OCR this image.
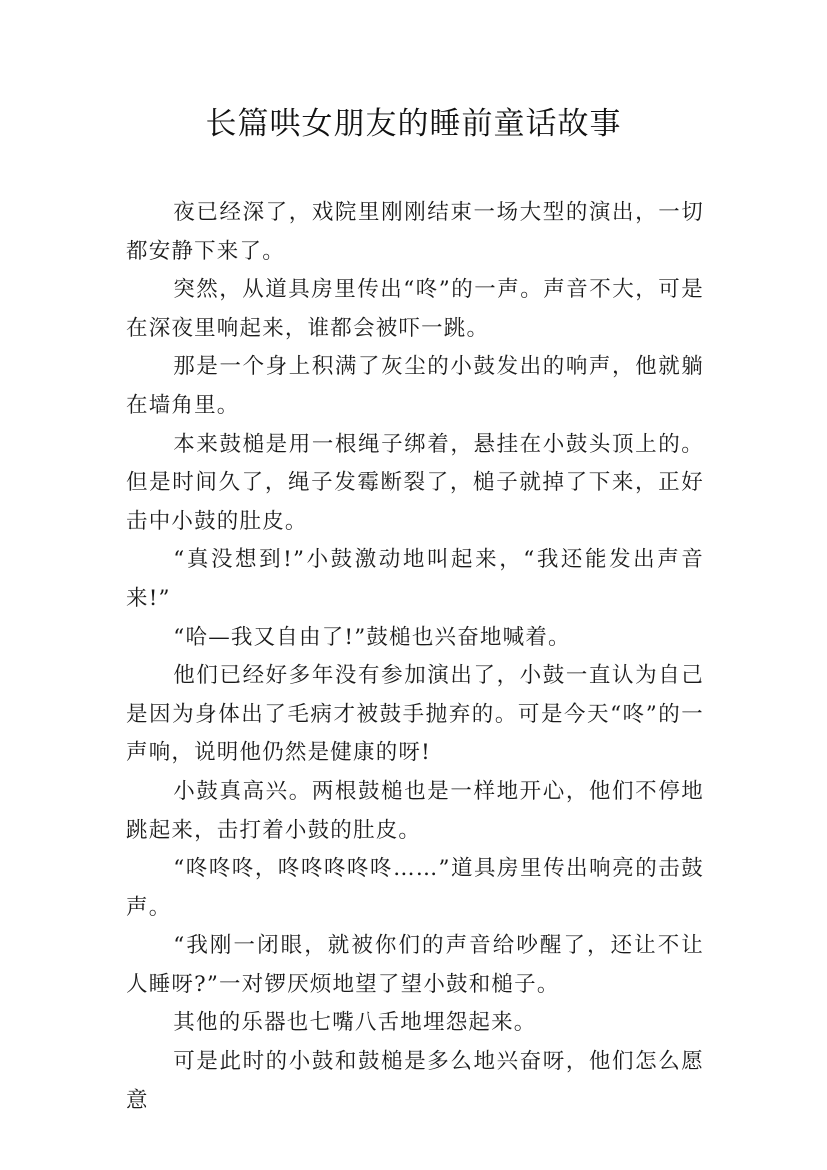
长篇哄女朋友的睡前童话故事

夜已经深了，戏院里刚刚结束一场大型的演出，一切都安静下来了。

突然，从道具房里传出“咚”的一声。声音不大，可是在深夜里响起来，谁都会被吓一跳。

那是一个身上积满了灰尘的小鼓发出的响声，他就躺在墙角里。

本来鼓槌是用一根绳子绑着，悬挂在小鼓头顶上的。但是时间久了，绳子发霉断裂了，槌子就掉了下来，正好击中小鼓的肚皮。

“真没想到!”小鼓激动地叫起来，“我还能发出声音来!”

“哈—我又自由了!”鼓槌也兴奋地喊着。

他们已经好多年没有参加演出了，小鼓一直认为自己是因为身体出了毛病才被鼓手抛弃的。可是今天“咚”的一声响，说明他仍然是健康的呀!

小鼓真高兴。两根鼓槌也是一样地开心，他们不停地跳起来，击打着小鼓的肚皮。

“咚咚咚，咚咚咚咚咚……”道具房里传出响亮的击鼓声。

“我刚一闭眼，就被你们的声音给吵醒了，还让不让人睡呀?”一对锣厌烦地望了望小鼓和槌子。

其他的乐器也七嘴八舌地埋怨起来。

可是此时的小鼓和鼓槌是多么地兴奋呀，他们怎么愿意
